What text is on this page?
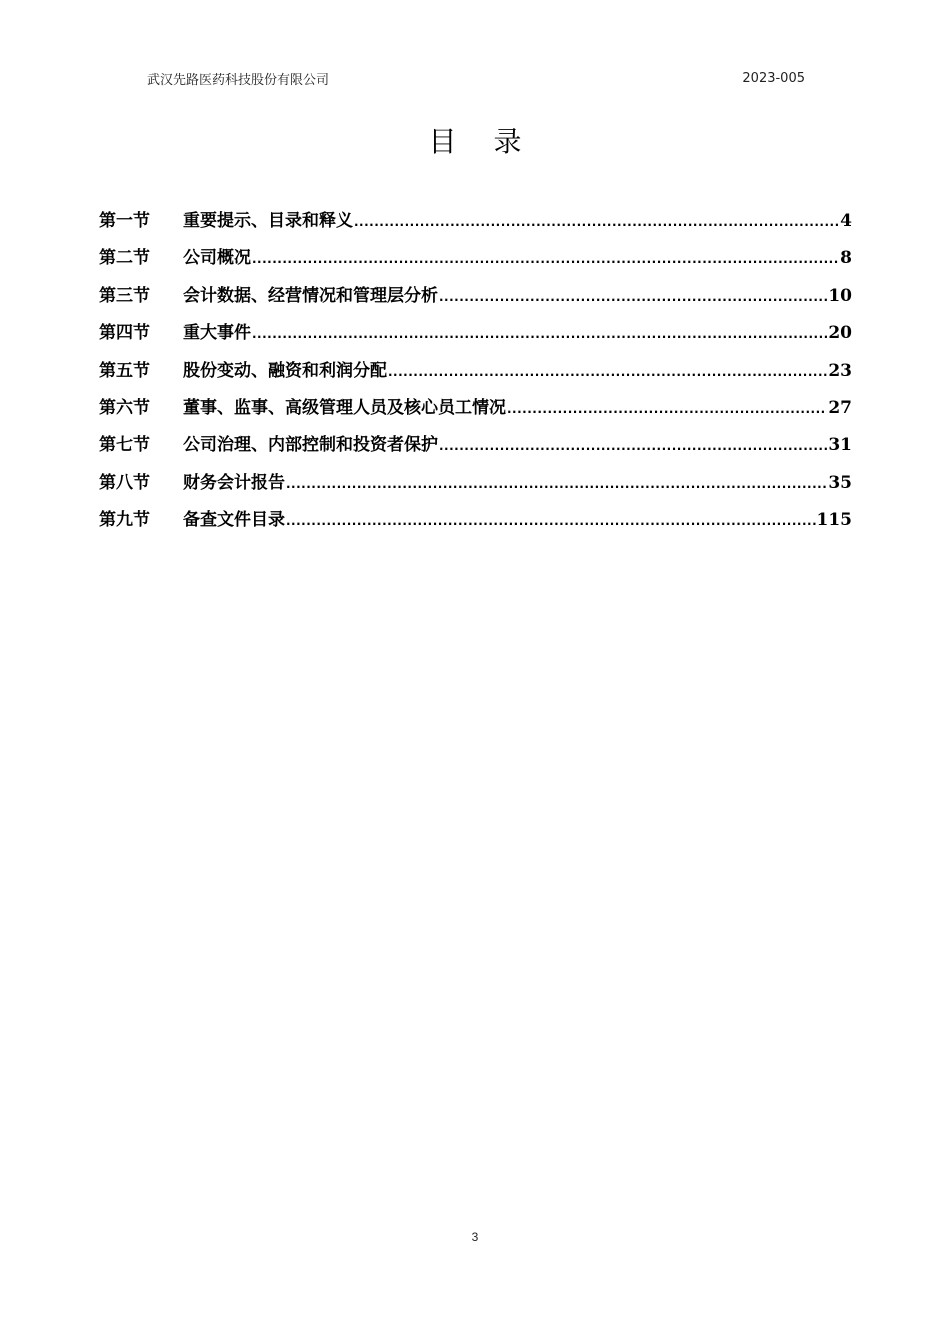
武汉先路医药科技股份有限公司	2023-005
目 录
第一节	重要提示、目录和释义 .....	4
第二节	公司概况 .....	8
第三节	会计数据、经营情况和管理层分析 .....	10
第四节	重大事件 .....	20
第五节	股份变动、融资和利润分配 .....	23
第六节	董事、监事、高级管理人员及核心员工情况 .....	27
第七节	公司治理、内部控制和投资者保护 .....	31
第八节	财务会计报告 .....	35
第九节	备查文件目录 .....	115
3
